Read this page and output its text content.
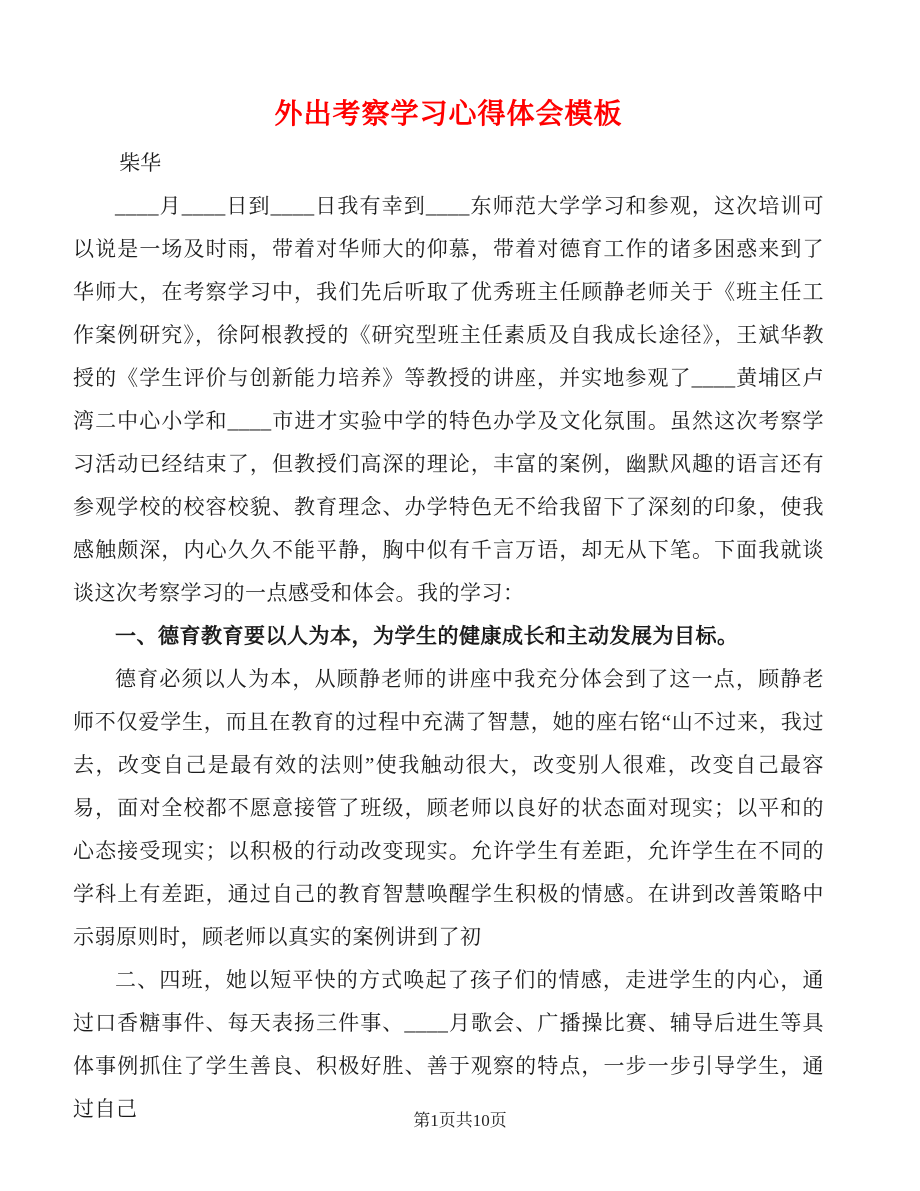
外出考察学习心得体会模板

柴华

____月____日到____日我有幸到____东师范大学学习和参观，这次培训可以说是一场及时雨，带着对华师大的仰慕，带着对德育工作的诸多困惑来到了华师大，在考察学习中，我们先后听取了优秀班主任顾静老师关于《班主任工作案例研究》，徐阿根教授的《研究型班主任素质及自我成长途径》，王斌华教授的《学生评价与创新能力培养》等教授的讲座，并实地参观了____黄埔区卢湾二中心小学和____市进才实验中学的特色办学及文化氛围。虽然这次考察学习活动已经结束了，但教授们高深的理论，丰富的案例，幽默风趣的语言还有参观学校的校容校貌、教育理念、办学特色无不给我留下了深刻的印象，使我感触颇深，内心久久不能平静，胸中似有千言万语，却无从下笔。下面我就谈谈这次考察学习的一点感受和体会。我的学习：

一、德育教育要以人为本，为学生的健康成长和主动发展为目标。

德育必须以人为本，从顾静老师的讲座中我充分体会到了这一点，顾静老师不仅爱学生，而且在教育的过程中充满了智慧，她的座右铭“山不过来，我过去，改变自己是最有效的法则”使我触动很大，改变别人很难，改变自己最容易，面对全校都不愿意接管了班级，顾老师以良好的状态面对现实；以平和的心态接受现实；以积极的行动改变现实。允许学生有差距，允许学生在不同的学科上有差距，通过自己的教育智慧唤醒学生积极的情感。在讲到改善策略中示弱原则时，顾老师以真实的案例讲到了初

二、四班，她以短平快的方式唤起了孩子们的情感，走进学生的内心，通过口香糖事件、每天表扬三件事、____月歌会、广播操比赛、辅导后进生等具体事例抓住了学生善良、积极好胜、善于观察的特点，一步一步引导学生，通过自己	第1页共10页
